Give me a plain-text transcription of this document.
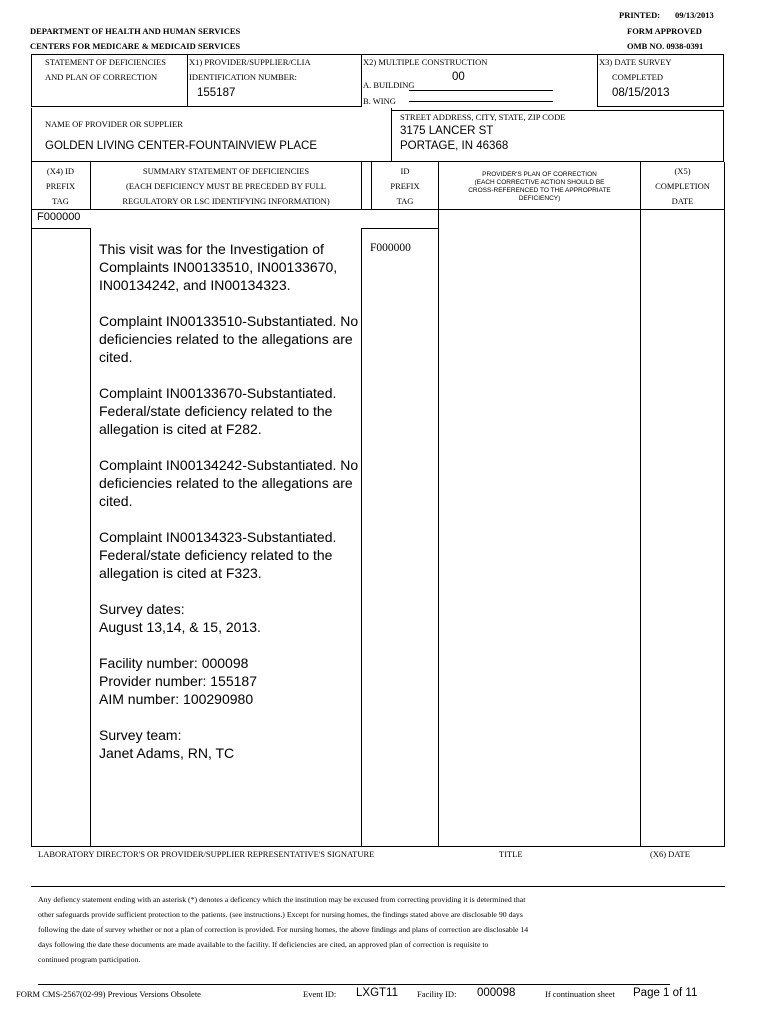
PRINTED: 09/13/2013
FORM APPROVED
OMB NO. 0938-0391
DEPARTMENT OF HEALTH AND HUMAN SERVICES
CENTERS FOR MEDICARE & MEDICAID SERVICES
STATEMENT OF DEFICIENCIES
AND PLAN OF CORRECTION
X1) PROVIDER/SUPPLIER/CLIA
IDENTIFICATION NUMBER:
155187
X2) MULTIPLE CONSTRUCTION
00
A. BUILDING
B. WING
X3) DATE SURVEY
COMPLETED
08/15/2013
NAME OF PROVIDER OR SUPPLIER
GOLDEN LIVING CENTER-FOUNTAINVIEW PLACE
STREET ADDRESS, CITY, STATE, ZIP CODE
3175 LANCER ST
PORTAGE, IN 46368
(X4) ID
PREFIX
TAG
SUMMARY STATEMENT OF DEFICIENCIES
(EACH DEFICIENCY MUST BE PRECEDED BY FULL
REGULATORY OR LSC IDENTIFYING INFORMATION)
ID
PREFIX
TAG
PROVIDER'S PLAN OF CORRECTION
(EACH CORRECTIVE ACTION SHOULD BE
CROSS-REFERENCED TO THE APPROPRIATE
DEFICIENCY)
(X5)
COMPLETION
DATE
F000000
F000000

This visit was for the Investigation of Complaints IN00133510, IN00133670, IN00134242, and IN00134323.

Complaint IN00133510-Substantiated. No deficiencies related to the allegations are cited.

Complaint IN00133670-Substantiated. Federal/state deficiency related to the allegation is cited at F282.

Complaint IN00134242-Substantiated. No deficiencies related to the allegations are cited.

Complaint IN00134323-Substantiated. Federal/state deficiency related to the allegation is cited at F323.

Survey dates:
August 13,14, & 15, 2013.

Facility number: 000098
Provider number: 155187
AIM number: 100290980

Survey team:
Janet Adams, RN, TC

LABORATORY DIRECTOR'S OR PROVIDER/SUPPLIER REPRESENTATIVE'S SIGNATURE	TITLE	(X6) DATE
Any defiency statement ending with an asterisk (*) denotes a deficency which the institution may be excused from correcting providing it is determined that
other safeguards provide sufficient protection to the patients. (see instructions.) Except for nursing homes, the findings stated above are disclosable 90 days
following the date of survey whether or not a plan of correction is provided. For nursing homes, the above findings and plans of correction are disclosable 14
days following the date these documents are made available to the facility. If deficiencies are cited, an approved plan of correction is requisite to
continued program participation.
FORM CMS-2567(02-99) Previous Versions Obsolete	Event ID: LXGT11 Facility ID: 000098	If continuation sheet Page 1 of 11
